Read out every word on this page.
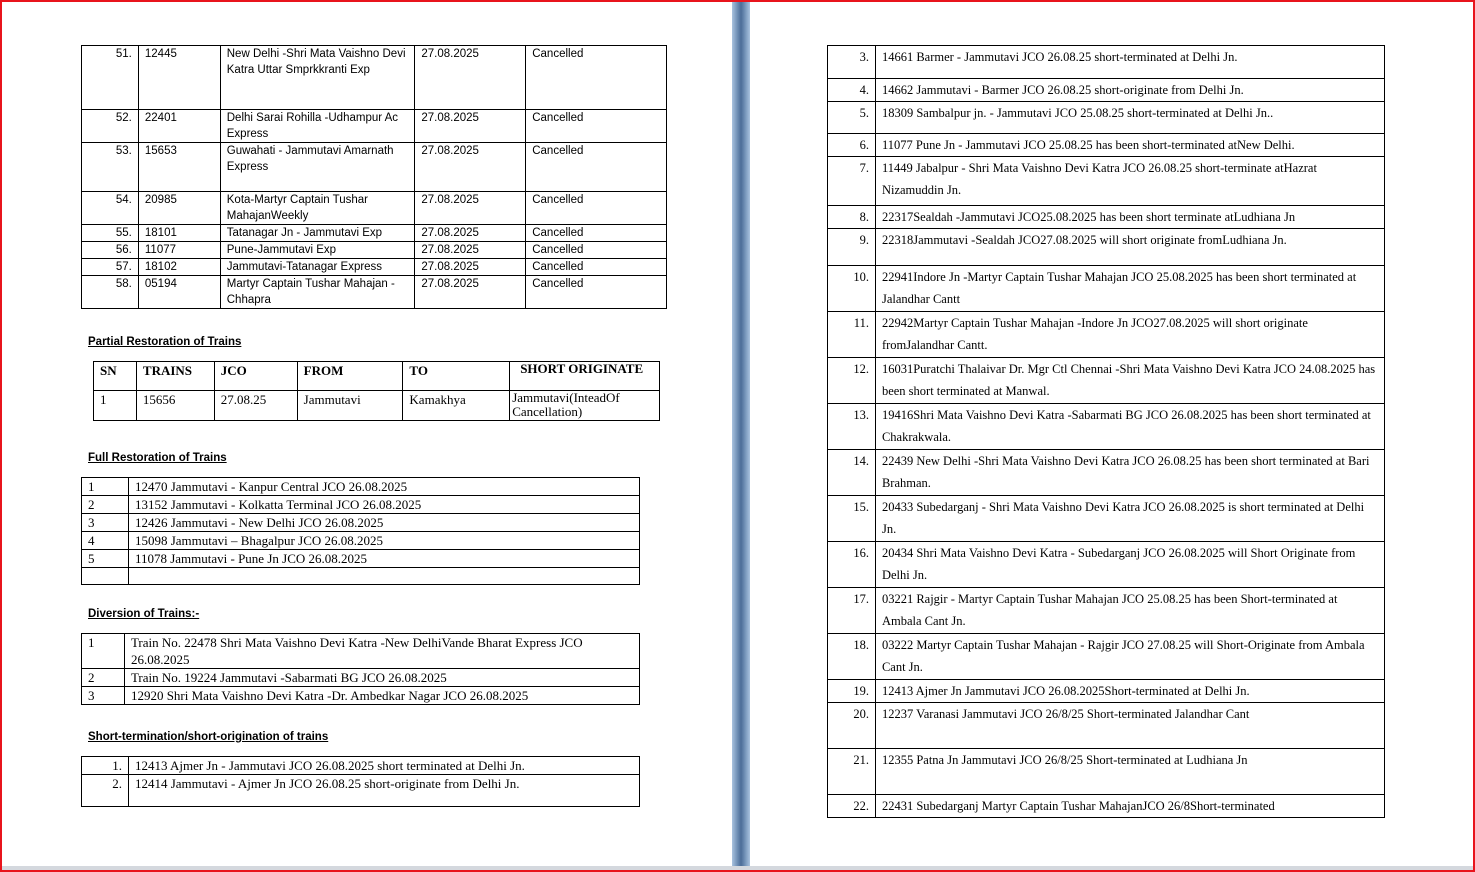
51.	12445	New Delhi -Shri Mata Vaishno Devi Katra Uttar Smprkkranti Exp	27.08.2025	Cancelled
52.	22401	Delhi Sarai Rohilla -Udhampur Ac Express	27.08.2025	Cancelled
53.	15653	Guwahati - Jammutavi Amarnath Express	27.08.2025	Cancelled
54.	20985	Kota-Martyr Captain Tushar MahajanWeekly	27.08.2025	Cancelled
55.	18101	Tatanagar Jn - Jammutavi Exp	27.08.2025	Cancelled
56.	11077	Pune-Jammutavi Exp	27.08.2025	Cancelled
57.	18102	Jammutavi-Tatanagar Express	27.08.2025	Cancelled
58.	05194	Martyr Captain Tushar Mahajan - Chhapra	27.08.2025	Cancelled
Partial Restoration of Trains
SN	TRAINS	JCO	FROM	TO	SHORT ORIGINATE
1	15656	27.08.25	Jammutavi	Kamakhya	Jammutavi(InteadOf Cancellation)
Full Restoration of Trains
1	12470 Jammutavi - Kanpur Central JCO 26.08.2025
2	13152 Jammutavi - Kolkatta Terminal JCO 26.08.2025
3	12426 Jammutavi - New Delhi JCO 26.08.2025
4	15098 Jammutavi – Bhagalpur JCO 26.08.2025
5	11078 Jammutavi - Pune Jn JCO 26.08.2025

Diversion of Trains:-
1	Train No. 22478 Shri Mata Vaishno Devi Katra -New DelhiVande Bharat Express JCO 26.08.2025
2	Train No. 19224 Jammutavi -Sabarmati BG JCO 26.08.2025
3	12920 Shri Mata Vaishno Devi Katra -Dr. Ambedkar Nagar JCO 26.08.2025
Short-termination/short-origination of trains
1.	12413 Ajmer Jn - Jammutavi JCO 26.08.2025 short terminated at Delhi Jn.
2.	12414 Jammutavi - Ajmer Jn JCO 26.08.25 short-originate from Delhi Jn.
3.	14661 Barmer - Jammutavi JCO 26.08.25 short-terminated at Delhi Jn.
4.	14662 Jammutavi - Barmer JCO 26.08.25 short-originate from Delhi Jn.
5.	18309 Sambalpur jn. - Jammutavi JCO 25.08.25 short-terminated at Delhi Jn..
6.	11077 Pune Jn - Jammutavi JCO 25.08.25 has been short-terminated atNew Delhi.
7.	11449 Jabalpur - Shri Mata Vaishno Devi Katra JCO 26.08.25 short-terminate atHazrat Nizamuddin Jn.
8.	22317Sealdah -Jammutavi JCO25.08.2025 has been short terminate atLudhiana Jn
9.	22318Jammutavi -Sealdah JCO27.08.2025 will short originate fromLudhiana Jn.
10.	22941Indore Jn -Martyr Captain Tushar Mahajan JCO 25.08.2025 has been short terminated at Jalandhar Cantt
11.	22942Martyr Captain Tushar Mahajan -Indore Jn JCO27.08.2025 will short originate fromJalandhar Cantt.
12.	16031Puratchi Thalaivar Dr. Mgr Ctl Chennai -Shri Mata Vaishno Devi Katra JCO 24.08.2025 has been short terminated at Manwal.
13.	19416Shri Mata Vaishno Devi Katra -Sabarmati BG JCO 26.08.2025 has been short terminated at Chakrakwala.
14.	22439 New Delhi -Shri Mata Vaishno Devi Katra JCO 26.08.25 has been short terminated at Bari Brahman.
15.	20433 Subedarganj - Shri Mata Vaishno Devi Katra JCO 26.08.2025 is short terminated at Delhi Jn.
16.	20434 Shri Mata Vaishno Devi Katra - Subedarganj JCO 26.08.2025 will Short Originate from Delhi Jn.
17.	03221 Rajgir - Martyr Captain Tushar Mahajan JCO 25.08.25 has been Short-terminated at Ambala Cant Jn.
18.	03222 Martyr Captain Tushar Mahajan - Rajgir JCO 27.08.25 will Short-Originate from Ambala Cant Jn.
19.	12413 Ajmer Jn Jammutavi JCO 26.08.2025Short-terminated at Delhi Jn.
20.	12237 Varanasi Jammutavi JCO 26/8/25 Short-terminated Jalandhar Cant
21.	12355 Patna Jn Jammutavi JCO 26/8/25 Short-terminated at Ludhiana Jn
22.	22431 Subedarganj Martyr Captain Tushar MahajanJCO 26/8Short-terminated
